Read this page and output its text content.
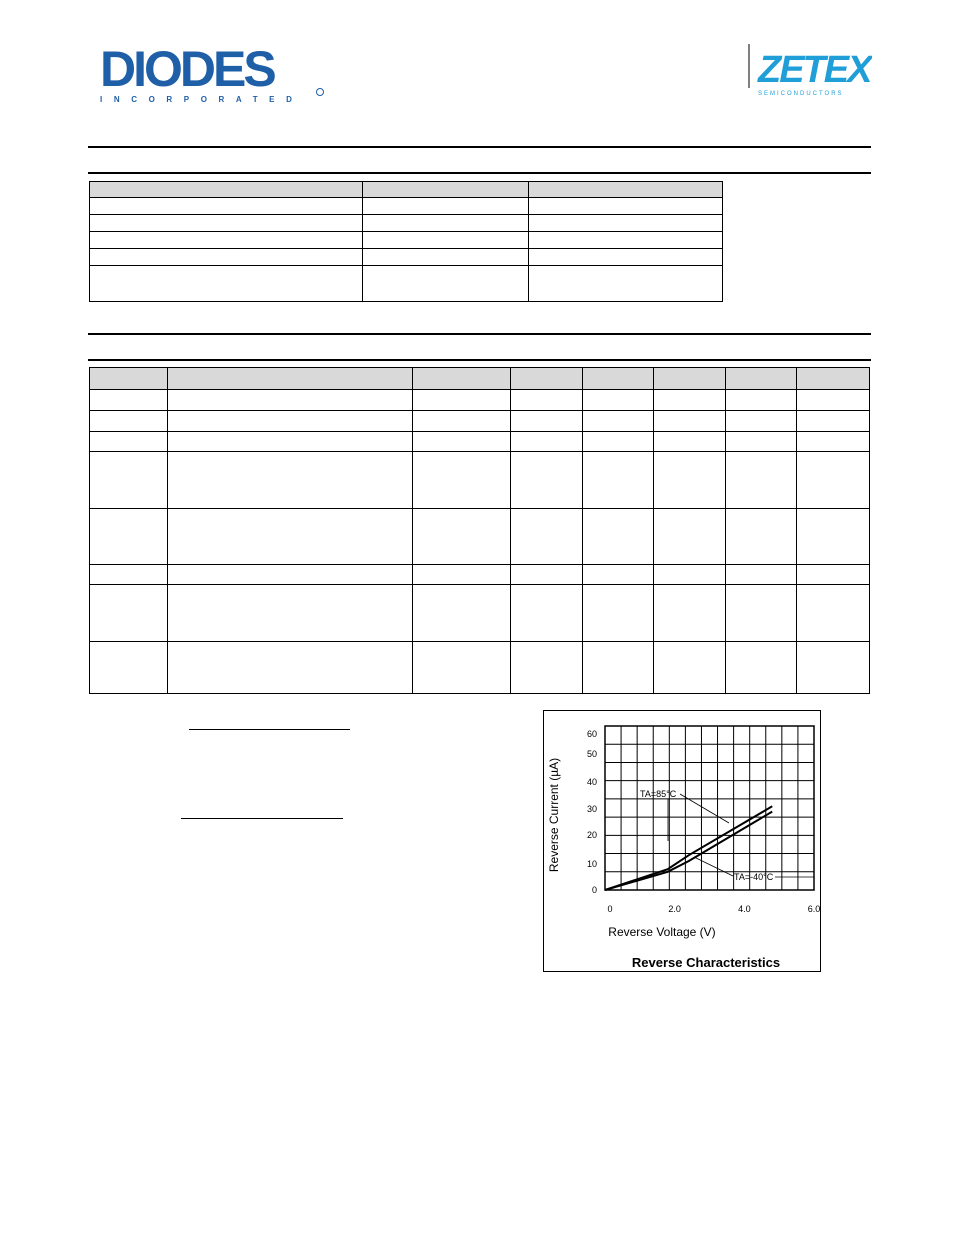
DIODES
INCORPORATED
ZETEX
SEMICONDUCTORS

0	2.0	4.0	6.0
0
10
20
30
40
50
60
TA=85°C
TA=-40°C
Reverse Voltage (V)
Reverse Current (µA)
Reverse Characteristics
